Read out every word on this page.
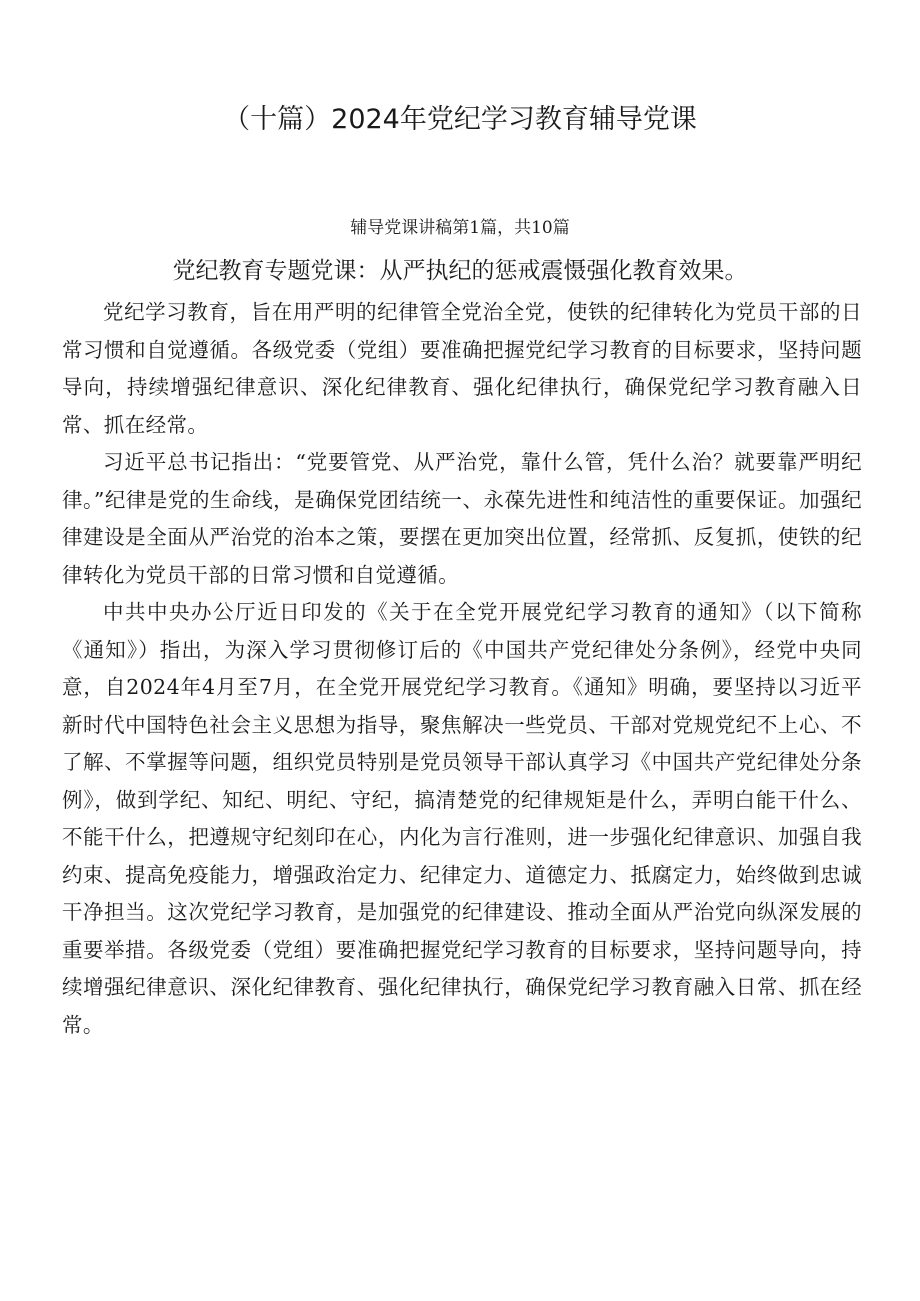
（十篇）2024年党纪学习教育辅导党课

辅导党课讲稿第1篇，共10篇

党纪教育专题党课：从严执纪的惩戒震慑强化教育效果。

党纪学习教育，旨在用严明的纪律管全党治全党，使铁的纪律转化为党员干部的日常习惯和自觉遵循。各级党委（党组）要准确把握党纪学习教育的目标要求，坚持问题导向，持续增强纪律意识、深化纪律教育、强化纪律执行，确保党纪学习教育融入日常、抓在经常。

习近平总书记指出：“党要管党、从严治党，靠什么管，凭什么治？就要靠严明纪律。”纪律是党的生命线，是确保党团结统一、永葆先进性和纯洁性的重要保证。加强纪律建设是全面从严治党的治本之策，要摆在更加突出位置，经常抓、反复抓，使铁的纪律转化为党员干部的日常习惯和自觉遵循。

中共中央办公厅近日印发的《关于在全党开展党纪学习教育的通知》（以下简称《通知》）指出，为深入学习贯彻修订后的《中国共产党纪律处分条例》，经党中央同意，自2024年4月至7月，在全党开展党纪学习教育。《通知》明确，要坚持以习近平新时代中国特色社会主义思想为指导，聚焦解决一些党员、干部对党规党纪不上心、不了解、不掌握等问题，组织党员特别是党员领导干部认真学习《中国共产党纪律处分条例》，做到学纪、知纪、明纪、守纪，搞清楚党的纪律规矩是什么，弄明白能干什么、不能干什么，把遵规守纪刻印在心，内化为言行准则，进一步强化纪律意识、加强自我约束、提高免疫能力，增强政治定力、纪律定力、道德定力、抵腐定力，始终做到忠诚干净担当。这次党纪学习教育，是加强党的纪律建设、推动全面从严治党向纵深发展的重要举措。各级党委（党组）要准确把握党纪学习教育的目标要求，坚持问题导向，持续增强纪律意识、深化纪律教育、强化纪律执行，确保党纪学习教育融入日常、抓在经常。
